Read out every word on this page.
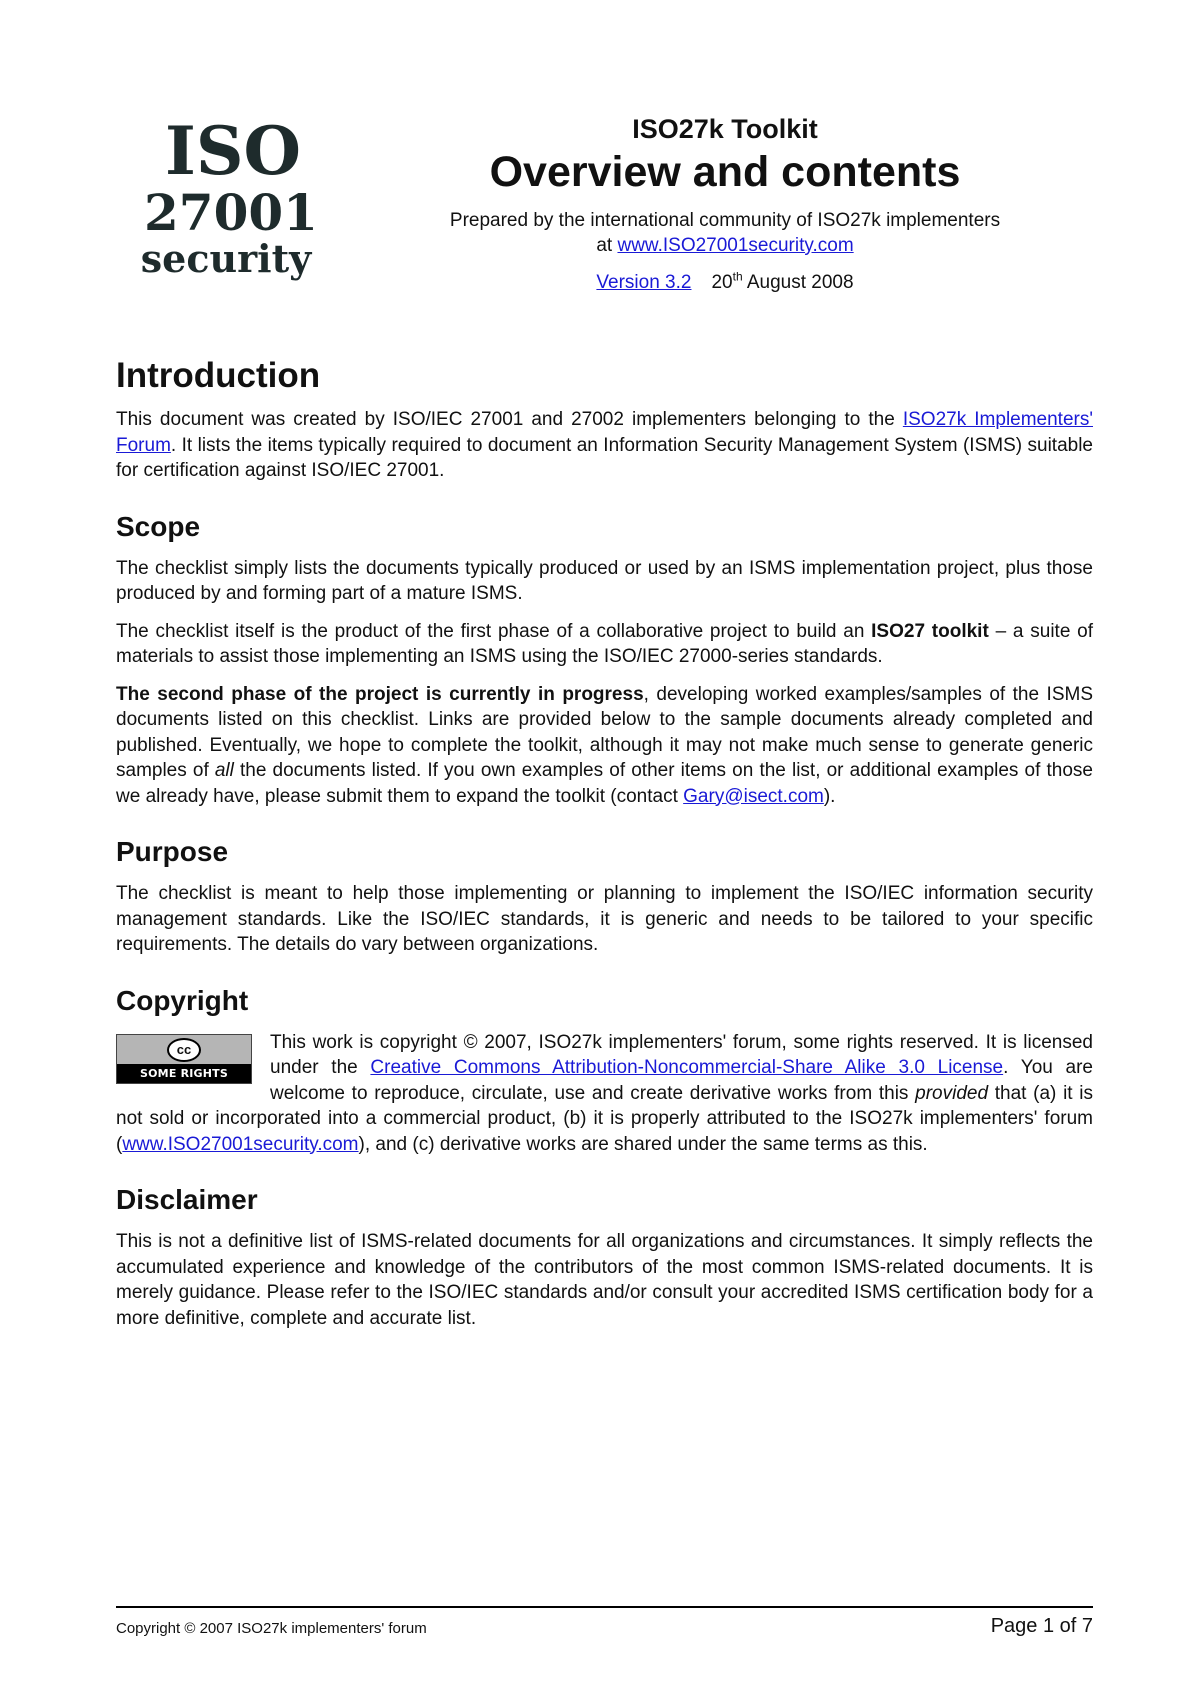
ISO
27001
security
ISO27k Toolkit
Overview and contents
Prepared by the international community of ISO27k implementers
at www.ISO27001security.com
Version 3.2 20th August 2008
Introduction

This document was created by ISO/IEC 27001 and 27002 implementers belonging to the ISO27k Implementers' Forum. It lists the items typically required to document an Information Security Management System (ISMS) suitable for certification against ISO/IEC 27001.

Scope

The checklist simply lists the documents typically produced or used by an ISMS implementation project, plus those produced by and forming part of a mature ISMS.

The checklist itself is the product of the first phase of a collaborative project to build an ISO27 toolkit – a suite of materials to assist those implementing an ISMS using the ISO/IEC 27000-series standards.

The second phase of the project is currently in progress, developing worked examples/samples of the ISMS documents listed on this checklist. Links are provided below to the sample documents already completed and published. Eventually, we hope to complete the toolkit, although it may not make much sense to generate generic samples of all the documents listed. If you own examples of other items on the list, or additional examples of those we already have, please submit them to expand the toolkit (contact Gary@isect.com).

Purpose

The checklist is meant to help those implementing or planning to implement the ISO/IEC information security management standards. Like the ISO/IEC standards, it is generic and needs to be tailored to your specific requirements. The details do vary between organizations.

Copyright

cc
SOME RIGHTS RESERVED
This work is copyright © 2007, ISO27k implementers' forum, some rights reserved. It is licensed under the Creative Commons Attribution-Noncommercial-Share Alike 3.0 License. You are welcome to reproduce, circulate, use and create derivative works from this provided that (a) it is not sold or incorporated into a commercial product, (b) it is properly attributed to the ISO27k implementers' forum (www.ISO27001security.com), and (c) derivative works are shared under the same terms as this.

Disclaimer

This is not a definitive list of ISMS-related documents for all organizations and circumstances. It simply reflects the accumulated experience and knowledge of the contributors of the most common ISMS-related documents. It is merely guidance. Please refer to the ISO/IEC standards and/or consult your accredited ISMS certification body for a more definitive, complete and accurate list.

Copyright © 2007 ISO27k implementers' forum	Page 1 of 7
